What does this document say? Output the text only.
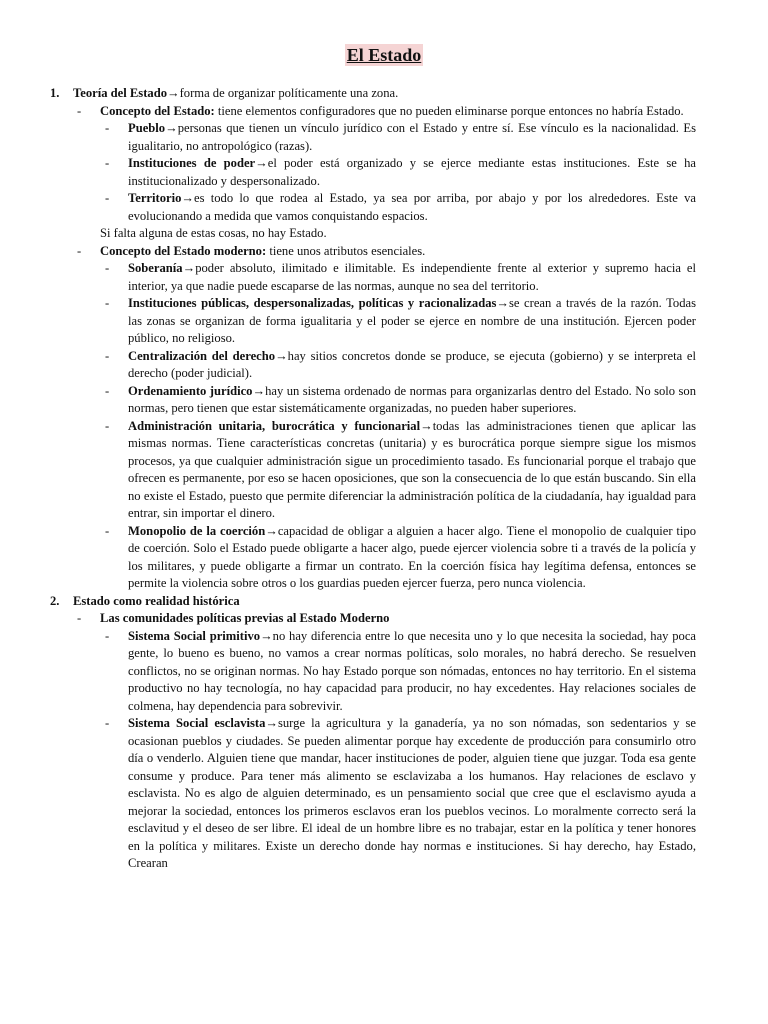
El Estado
1. Teoría del Estado→forma de organizar políticamente una zona.
- Concepto del Estado: tiene elementos configuradores que no pueden eliminarse porque entonces no habría Estado.
- Pueblo→personas que tienen un vínculo jurídico con el Estado y entre sí. Ese vínculo es la nacionalidad. Es igualitario, no antropológico (razas).
- Instituciones de poder→el poder está organizado y se ejerce mediante estas instituciones. Este se ha institucionalizado y despersonalizado.
- Territorio→es todo lo que rodea al Estado, ya sea por arriba, por abajo y por los alrededores. Este va evolucionando a medida que vamos conquistando espacios.
Si falta alguna de estas cosas, no hay Estado.
- Concepto del Estado moderno: tiene unos atributos esenciales.
- Soberanía→poder absoluto, ilimitado e ilimitable. Es independiente frente al exterior y supremo hacia el interior, ya que nadie puede escaparse de las normas, aunque no sea del territorio.
- Instituciones públicas, despersonalizadas, políticas y racionalizadas→se crean a través de la razón. Todas las zonas se organizan de forma igualitaria y el poder se ejerce en nombre de una institución. Ejercen poder público, no religioso.
- Centralización del derecho→hay sitios concretos donde se produce, se ejecuta (gobierno) y se interpreta el derecho (poder judicial).
- Ordenamiento jurídico→hay un sistema ordenado de normas para organizarlas dentro del Estado. No solo son normas, pero tienen que estar sistemáticamente organizadas, no pueden haber superiores.
- Administración unitaria, burocrática y funcionarial→todas las administraciones tienen que aplicar las mismas normas. Tiene características concretas (unitaria) y es burocrática porque siempre sigue los mismos procesos, ya que cualquier administración sigue un procedimiento tasado. Es funcionarial porque el trabajo que ofrecen es permanente, por eso se hacen oposiciones, que son la consecuencia de lo que están buscando. Sin ella no existe el Estado, puesto que permite diferenciar la administración política de la ciudadanía, hay igualdad para entrar, sin importar el dinero.
- Monopolio de la coerción→capacidad de obligar a alguien a hacer algo. Tiene el monopolio de cualquier tipo de coerción. Solo el Estado puede obligarte a hacer algo, puede ejercer violencia sobre ti a través de la policía y los militares, y puede obligarte a firmar un contrato. En la coerción física hay legítima defensa, entonces se permite la violencia sobre otros o los guardias pueden ejercer fuerza, pero nunca violencia.
2. Estado como realidad histórica
- Las comunidades políticas previas al Estado Moderno
- Sistema Social primitivo→no hay diferencia entre lo que necesita uno y lo que necesita la sociedad, hay poca gente, lo bueno es bueno, no vamos a crear normas políticas, solo morales, no habrá derecho. Se resuelven conflictos, no se originan normas. No hay Estado porque son nómadas, entonces no hay territorio. En el sistema productivo no hay tecnología, no hay capacidad para producir, no hay excedentes. Hay relaciones sociales de colmena, hay dependencia para sobrevivir.
- Sistema Social esclavista→surge la agricultura y la ganadería, ya no son nómadas, son sedentarios y se ocasionan pueblos y ciudades. Se pueden alimentar porque hay excedente de producción para consumirlo otro día o venderlo. Alguien tiene que mandar, hacer instituciones de poder, alguien tiene que juzgar. Toda esa gente consume y produce. Para tener más alimento se esclavizaba a los humanos. Hay relaciones de esclavo y esclavista. No es algo de alguien determinado, es un pensamiento social que cree que el esclavismo ayuda a mejorar la sociedad, entonces los primeros esclavos eran los pueblos vecinos. Lo moralmente correcto será la esclavitud y el deseo de ser libre. El ideal de un hombre libre es no trabajar, estar en la política y tener honores en la política y militares. Existe un derecho donde hay normas e instituciones. Si hay derecho, hay Estado, Crearan
